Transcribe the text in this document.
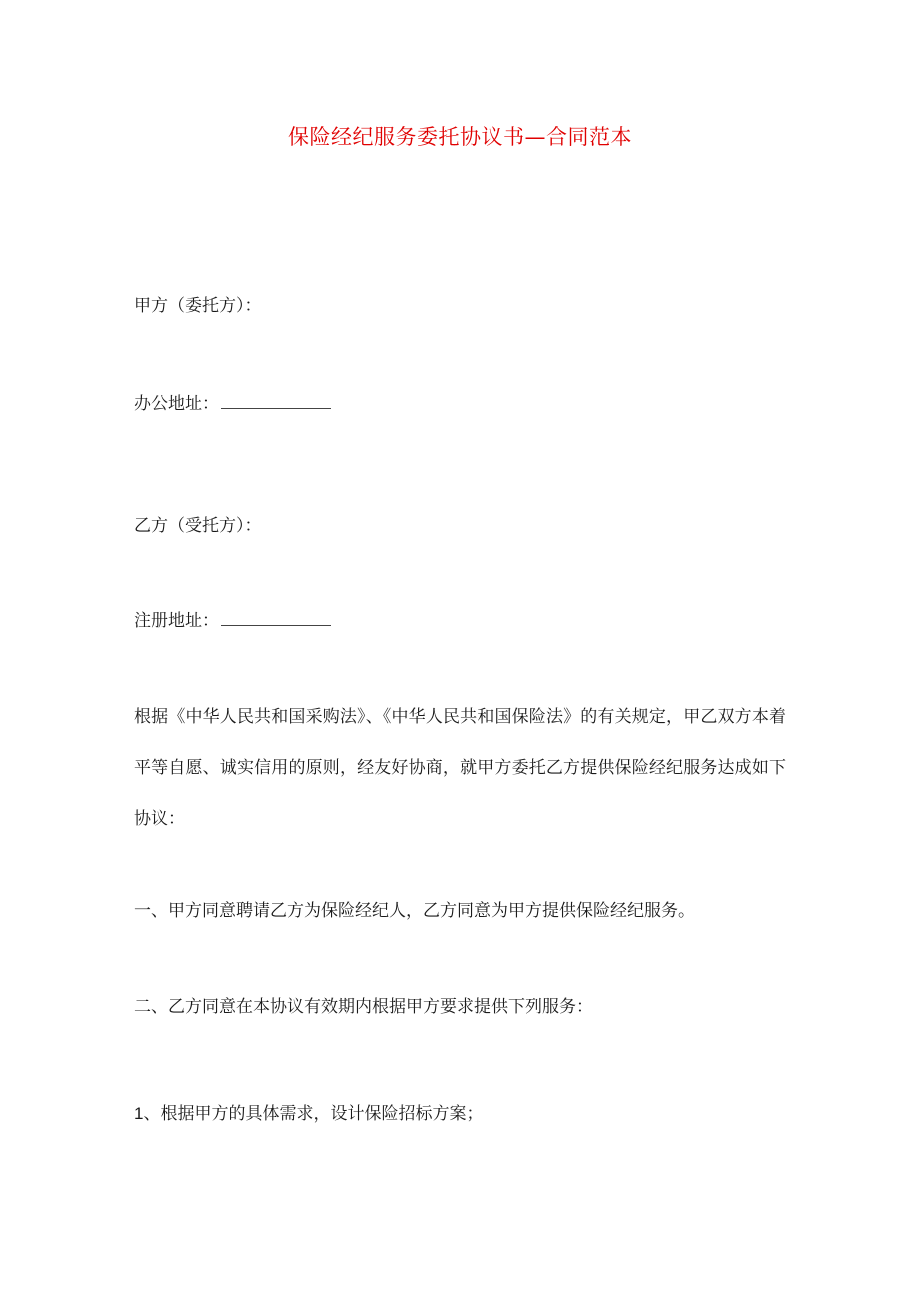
保险经纪服务委托协议书—合同范本
甲方（委托方）：
办公地址：
乙方（受托方）：
注册地址：
根据《中华人民共和国采购法》、《中华人民共和国保险法》的有关规定，甲乙双方本着平等自愿、诚实信用的原则，经友好协商，就甲方委托乙方提供保险经纪服务达成如下协议：
一、甲方同意聘请乙方为保险经纪人，乙方同意为甲方提供保险经纪服务。
二、乙方同意在本协议有效期内根据甲方要求提供下列服务：
1、根据甲方的具体需求，设计保险招标方案；
